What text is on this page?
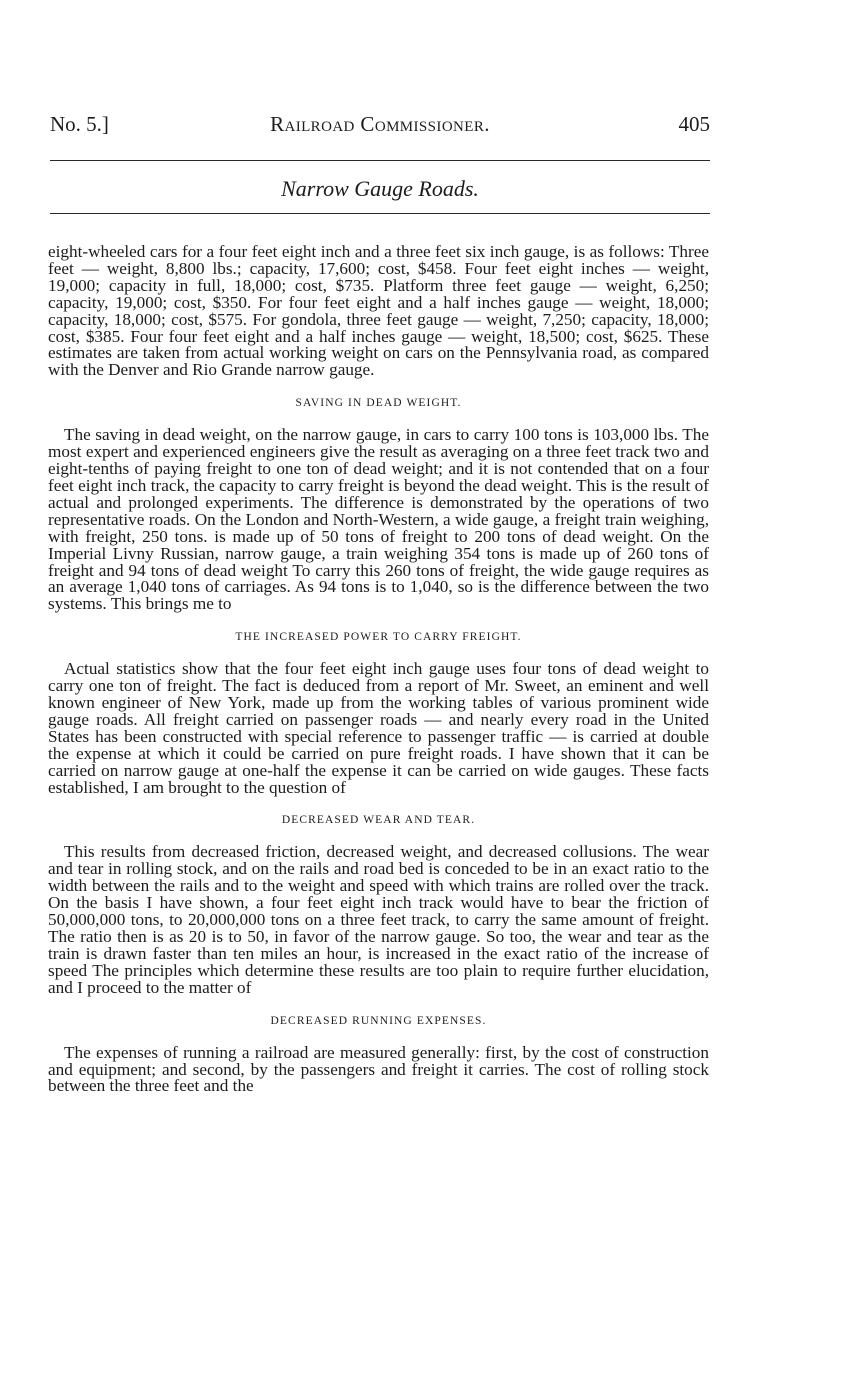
No. 5.]	Railroad Commissioner.	405
Narrow Gauge Roads.

eight-wheeled cars for a four feet eight inch and a three feet six inch gauge, is as follows: Three feet — weight, 8,800 lbs.; capacity, 17,600; cost, $458. Four feet eight inches — weight, 19,000; capacity in full, 18,000; cost, $735. Platform three feet gauge — weight, 6,250; capacity, 19,000; cost, $350. For four feet eight and a half inches gauge — weight, 18,000; capacity, 18,000; cost, $575. For gondola, three feet gauge — weight, 7,250; capacity, 18,000; cost, $385. Four four feet eight and a half inches gauge — weight, 18,500; cost, $625. These estimates are taken from actual working weight on cars on the Pennsylvania road, as compared with the Denver and Rio Grande narrow gauge.

SAVING IN DEAD WEIGHT.

The saving in dead weight, on the narrow gauge, in cars to carry 100 tons is 103,000 lbs. The most expert and experienced engineers give the result as averaging on a three feet track two and eight-tenths of paying freight to one ton of dead weight; and it is not contended that on a four feet eight inch track, the capacity to carry freight is beyond the dead weight. This is the result of actual and prolonged experiments. The difference is demonstrated by the operations of two representative roads. On the London and North-Western, a wide gauge, a freight train weighing, with freight, 250 tons. is made up of 50 tons of freight to 200 tons of dead weight. On the Imperial Livny Russian, narrow gauge, a train weighing 354 tons is made up of 260 tons of freight and 94 tons of dead weight To carry this 260 tons of freight, the wide gauge requires as an average 1,040 tons of carriages. As 94 tons is to 1,040, so is the difference between the two systems. This brings me to

THE INCREASED POWER TO CARRY FREIGHT.

Actual statistics show that the four feet eight inch gauge uses four tons of dead weight to carry one ton of freight. The fact is deduced from a report of Mr. Sweet, an eminent and well known engineer of New York, made up from the working tables of various prominent wide gauge roads. All freight carried on passenger roads — and nearly every road in the United States has been constructed with special reference to passenger traffic — is carried at double the expense at which it could be carried on pure freight roads. I have shown that it can be carried on narrow gauge at one-half the expense it can be carried on wide gauges. These facts established, I am brought to the question of

DECREASED WEAR AND TEAR.

This results from decreased friction, decreased weight, and decreased collusions. The wear and tear in rolling stock, and on the rails and road bed is conceded to be in an exact ratio to the width between the rails and to the weight and speed with which trains are rolled over the track. On the basis I have shown, a four feet eight inch track would have to bear the friction of 50,000,000 tons, to 20,000,000 tons on a three feet track, to carry the same amount of freight. The ratio then is as 20 is to 50, in favor of the narrow gauge. So too, the wear and tear as the train is drawn faster than ten miles an hour, is increased in the exact ratio of the increase of speed The principles which determine these results are too plain to require further elucidation, and I proceed to the matter of

DECREASED RUNNING EXPENSES.

The expenses of running a railroad are measured generally: first, by the cost of construction and equipment; and second, by the passengers and freight it carries. The cost of rolling stock between the three feet and the
